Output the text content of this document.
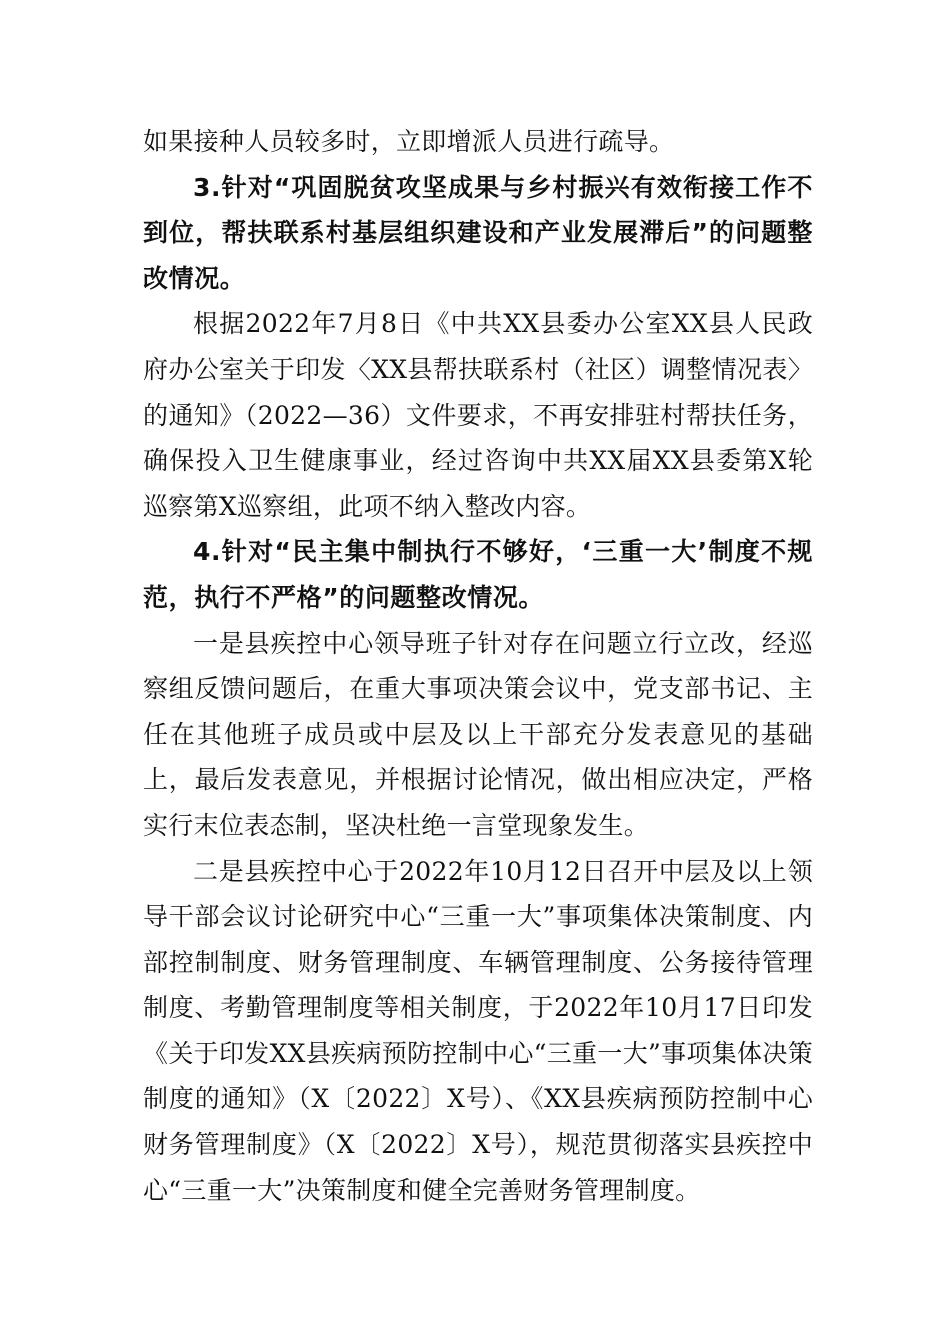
如果接种人员较多时，立即增派人员进行疏导。

3.针对“巩固脱贫攻坚成果与乡村振兴有效衔接工作不到位，帮扶联系村基层组织建设和产业发展滞后”的问题整改情况。

根据2022年7月8日《中共XX县委办公室XX县人民政府办公室关于印发〈XX县帮扶联系村（社区）调整情况表〉的通知》（2022—36）文件要求，不再安排驻村帮扶任务，确保投入卫生健康事业，经过咨询中共XX届XX县委第X轮巡察第X巡察组，此项不纳入整改内容。

4.针对“民主集中制执行不够好，‘三重一大’制度不规范，执行不严格”的问题整改情况。

一是县疾控中心领导班子针对存在问题立行立改，经巡察组反馈问题后，在重大事项决策会议中，党支部书记、主任在其他班子成员或中层及以上干部充分发表意见的基础上，最后发表意见，并根据讨论情况，做出相应决定，严格实行末位表态制，坚决杜绝一言堂现象发生。

二是县疾控中心于2022年10月12日召开中层及以上领导干部会议讨论研究中心“三重一大”事项集体决策制度、内部控制制度、财务管理制度、车辆管理制度、公务接待管理制度、考勤管理制度等相关制度，于2022年10月17日印发《关于印发XX县疾病预防控制中心“三重一大”事项集体决策制度的通知》（X〔2022〕X号）、《XX县疾病预防控制中心财务管理制度》（X〔2022〕X号），规范贯彻落实县疾控中心“三重一大”决策制度和健全完善财务管理制度。
